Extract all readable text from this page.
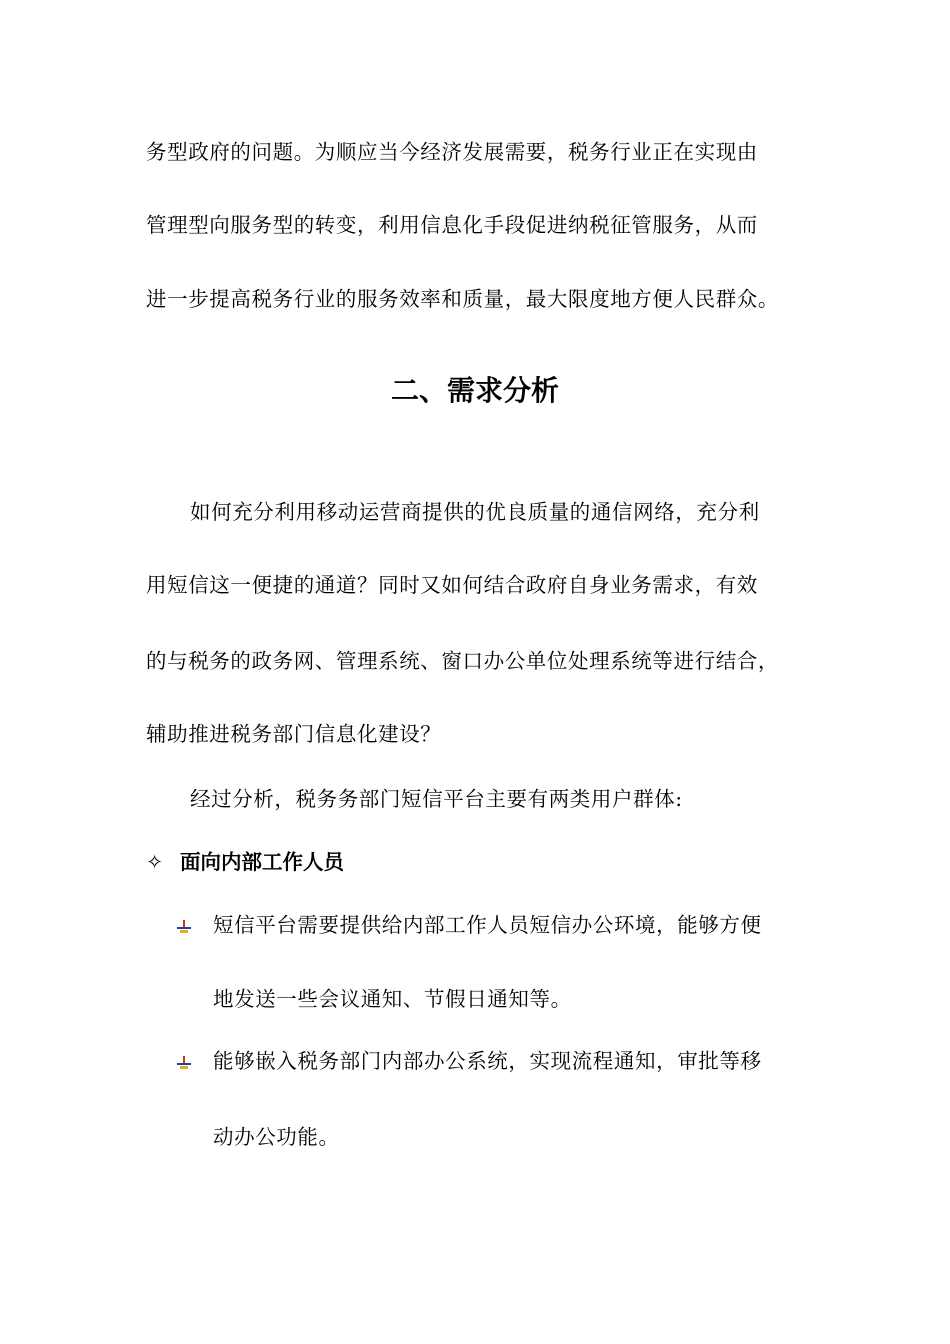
务型政府的问题。为顺应当今经济发展需要，税务行业正在实现由

管理型向服务型的转变，利用信息化手段促进纳税征管服务，从而

进一步提高税务行业的服务效率和质量，最大限度地方便人民群众。

二、需求分析

如何充分利用移动运营商提供的优良质量的通信网络，充分利

用短信这一便捷的通道？同时又如何结合政府自身业务需求，有效

的与税务的政务网、管理系统、窗口办公单位处理系统等进行结合，

辅助推进税务部门信息化建设？

经过分析，税务务部门短信平台主要有两类用户群体:

✧ 面向内部工作人员

短信平台需要提供给内部工作人员短信办公环境，能够方便

地发送一些会议通知、节假日通知等。

能够嵌入税务部门内部办公系统，实现流程通知，审批等移

动办公功能。
